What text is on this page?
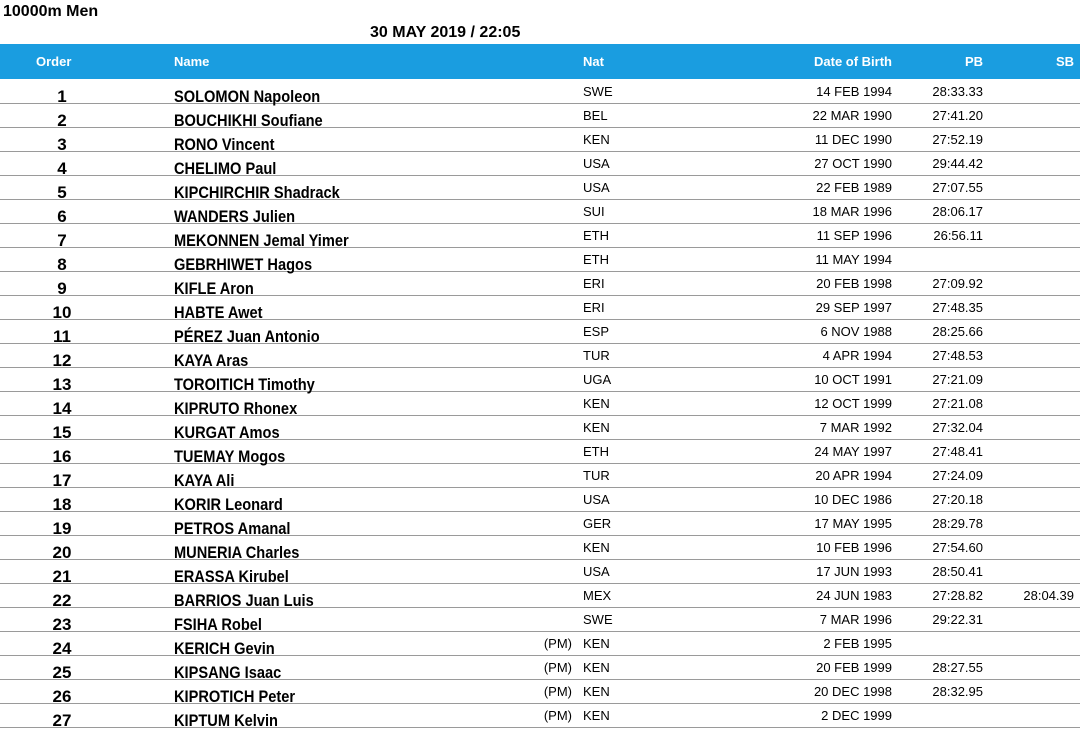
10000m Men
30 MAY 2019 / 22:05
Order	Name	Nat	Date of Birth	PB	SB
1	SOLOMON Napoleon	SWE	14 FEB 1994	28:33.33
2	BOUCHIKHI Soufiane	BEL	22 MAR 1990	27:41.20
3	RONO Vincent	KEN	11 DEC 1990	27:52.19
4	CHELIMO Paul	USA	27 OCT 1990	29:44.42
5	KIPCHIRCHIR Shadrack	USA	22 FEB 1989	27:07.55
6	WANDERS Julien	SUI	18 MAR 1996	28:06.17
7	MEKONNEN Jemal Yimer	ETH	11 SEP 1996	26:56.11
8	GEBRHIWET Hagos	ETH	11 MAY 1994
9	KIFLE Aron	ERI	20 FEB 1998	27:09.92
10	HABTE Awet	ERI	29 SEP 1997	27:48.35
11	PÉREZ Juan Antonio	ESP	6 NOV 1988	28:25.66
12	KAYA Aras	TUR	4 APR 1994	27:48.53
13	TOROITICH Timothy	UGA	10 OCT 1991	27:21.09
14	KIPRUTO Rhonex	KEN	12 OCT 1999	27:21.08
15	KURGAT Amos	KEN	7 MAR 1992	27:32.04
16	TUEMAY Mogos	ETH	24 MAY 1997	27:48.41
17	KAYA Ali	TUR	20 APR 1994	27:24.09
18	KORIR Leonard	USA	10 DEC 1986	27:20.18
19	PETROS Amanal	GER	17 MAY 1995	28:29.78
20	MUNERIA Charles	KEN	10 FEB 1996	27:54.60
21	ERASSA Kirubel	USA	17 JUN 1993	28:50.41
22	BARRIOS Juan Luis	MEX	24 JUN 1983	27:28.82	28:04.39
23	FSIHA Robel	SWE	7 MAR 1996	29:22.31
24	KERICH Gevin	(PM) KEN	2 FEB 1995
25	KIPSANG Isaac	(PM) KEN	20 FEB 1999	28:27.55
26	KIPROTICH Peter	(PM) KEN	20 DEC 1998	28:32.95
27	KIPTUM Kelvin	(PM) KEN	2 DEC 1999
